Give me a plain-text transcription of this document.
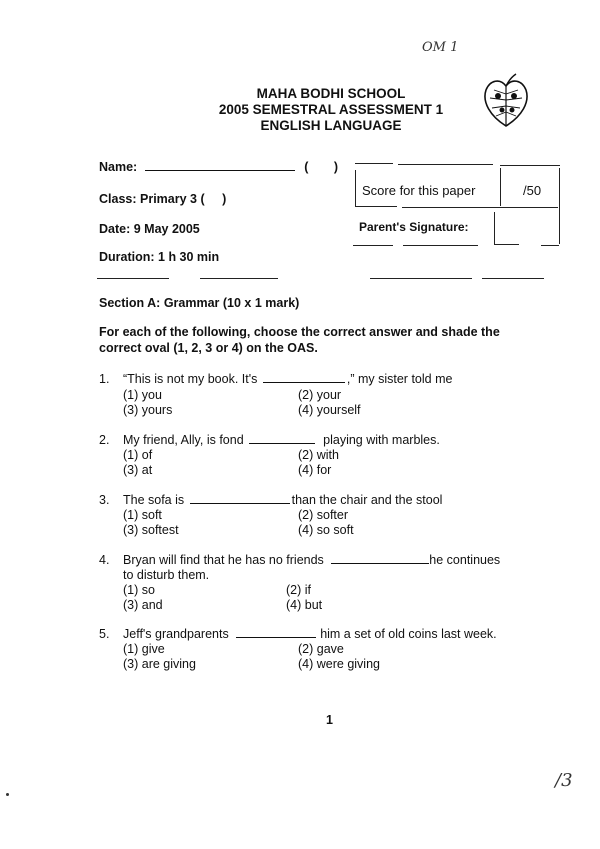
OM 1
MAHA BODHI SCHOOL
2005 SEMESTRAL ASSESSMENT 1
ENGLISH LANGUAGE
Name:	( )
Class: Primary 3 ( )
Date: 9 May 2005
Duration: 1 h 30 min
Score for this paper	/50
Parent's Signature:
Section A: Grammar (10 x 1 mark)
For each of the following, choose the correct answer and shade the
correct oval (1, 2, 3 or 4) on the OAS.
1. “This is not my book. It's	,” my sister told me
(1) you	(2) your
(3) yours	(4) yourself
2. My friend, Ally, is fond	playing with marbles.
(1) of	(2) with
(3) at	(4) for
3. The sofa is	than the chair and the stool
(1) soft	(2) softer
(3) softest	(4) so soft
4. Bryan will find that he has no friends	he continues
to disturb them.
(1) so	(2) if
(3) and	(4) but
5. Jeff's grandparents	him a set of old coins last week.
(1) give	(2) gave
(3) are giving	(4) were giving
1
/3
